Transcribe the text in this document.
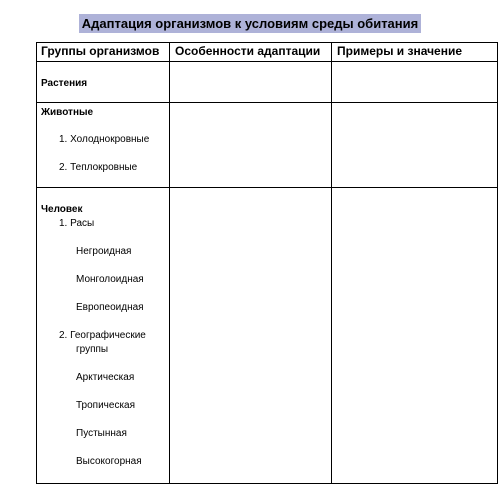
Адаптация организмов к условиям среды обитания
Группы организмов Особенности адаптации Примеры и значение
Растения
Животные
1. Холоднокровные
2. Теплокровные
Человек
1. Расы
Негроидная
Монголоидная
Европеоидная
2. Географические
группы
Арктическая
Тропическая
Пустынная
Высокогорная
